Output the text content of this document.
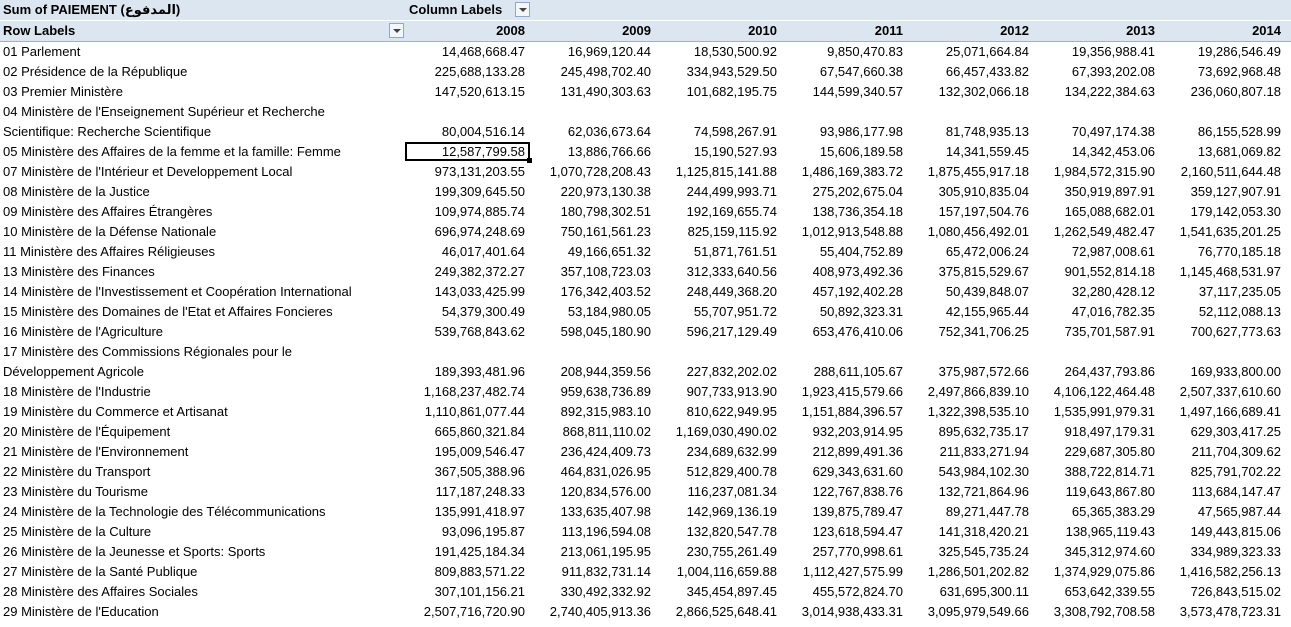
Sum of PAIEMENT (المدفوع)	Column Labels
Row Labels	2008	2009	2010	2011	2012	2013	2014
01 Parlement	14,468,668.47	16,969,120.44	18,530,500.92	9,850,470.83	25,071,664.84	19,356,988.41	19,286,546.49
02 Présidence de la République	225,688,133.28	245,498,702.40	334,943,529.50	67,547,660.38	66,457,433.82	67,393,202.08	73,692,968.48
03 Premier Ministère	147,520,613.15	131,490,303.63	101,682,195.75	144,599,340.57	132,302,066.18	134,222,384.63	236,060,807.18
04 Ministère de l'Enseignement Supérieur et Recherche
Scientifique: Recherche Scientifique	80,004,516.14	62,036,673.64	74,598,267.91	93,986,177.98	81,748,935.13	70,497,174.38	86,155,528.99
05 Ministère des Affaires de la femme et la famille: Femme	12,587,799.58	13,886,766.66	15,190,527.93	15,606,189.58	14,341,559.45	14,342,453.06	13,681,069.82
07 Ministère de l'Intérieur et Developpement Local	973,131,203.55	1,070,728,208.43	1,125,815,141.88	1,486,169,383.72	1,875,455,917.18	1,984,572,315.90	2,160,511,644.48
08 Ministère de la Justice	199,309,645.50	220,973,130.38	244,499,993.71	275,202,675.04	305,910,835.04	350,919,897.91	359,127,907.91
09 Ministère des Affaires Étrangères	109,974,885.74	180,798,302.51	192,169,655.74	138,736,354.18	157,197,504.76	165,088,682.01	179,142,053.30
10 Ministère de la Défense Nationale	696,974,248.69	750,161,561.23	825,159,115.92	1,012,913,548.88	1,080,456,492.01	1,262,549,482.47	1,541,635,201.25
11 Ministère des Affaires Réligieuses	46,017,401.64	49,166,651.32	51,871,761.51	55,404,752.89	65,472,006.24	72,987,008.61	76,770,185.18
13 Ministère des Finances	249,382,372.27	357,108,723.03	312,333,640.56	408,973,492.36	375,815,529.67	901,552,814.18	1,145,468,531.97
14 Ministère de l'Investissement et Coopération International	143,033,425.99	176,342,403.52	248,449,368.20	457,192,402.28	50,439,848.07	32,280,428.12	37,117,235.05
15 Ministère des Domaines de l'Etat et Affaires Foncieres	54,379,300.49	53,184,980.05	55,707,951.72	50,892,323.31	42,155,965.44	47,016,782.35	52,112,088.13
16 Ministère de l'Agriculture	539,768,843.62	598,045,180.90	596,217,129.49	653,476,410.06	752,341,706.25	735,701,587.91	700,627,773.63
17 Ministère des Commissions Régionales pour le
Développement Agricole	189,393,481.96	208,944,359.56	227,832,202.02	288,611,105.67	375,987,572.66	264,437,793.86	169,933,800.00
18 Ministère de l'Industrie	1,168,237,482.74	959,638,736.89	907,733,913.90	1,923,415,579.66	2,497,866,839.10	4,106,122,464.48	2,507,337,610.60
19 Ministère du Commerce et Artisanat	1,110,861,077.44	892,315,983.10	810,622,949.95	1,151,884,396.57	1,322,398,535.10	1,535,991,979.31	1,497,166,689.41
20 Ministère de l'Équipement	665,860,321.84	868,811,110.02	1,169,030,490.02	932,203,914.95	895,632,735.17	918,497,179.31	629,303,417.25
21 Ministère de l'Environnement	195,009,546.47	236,424,409.73	234,689,632.99	212,899,491.36	211,833,271.94	229,687,305.80	211,704,309.62
22 Ministère du Transport	367,505,388.96	464,831,026.95	512,829,400.78	629,343,631.60	543,984,102.30	388,722,814.71	825,791,702.22
23 Ministère du Tourisme	117,187,248.33	120,834,576.00	116,237,081.34	122,767,838.76	132,721,864.96	119,643,867.80	113,684,147.47
24 Ministère de la Technologie des Télécommunications	135,991,418.97	133,635,407.98	142,969,136.19	139,875,789.47	89,271,447.78	65,365,383.29	47,565,987.44
25 Ministère de la Culture	93,096,195.87	113,196,594.08	132,820,547.78	123,618,594.47	141,318,420.21	138,965,119.43	149,443,815.06
26 Ministère de la Jeunesse et Sports: Sports	191,425,184.34	213,061,195.95	230,755,261.49	257,770,998.61	325,545,735.24	345,312,974.60	334,989,323.33
27 Ministère de la Santé Publique	809,883,571.22	911,832,731.14	1,004,116,659.88	1,112,427,575.99	1,286,501,202.82	1,374,929,075.86	1,416,582,256.13
28 Ministère des Affaires Sociales	307,101,156.21	330,492,332.92	345,454,897.45	455,572,824.70	631,695,300.11	653,642,339.55	726,843,515.02
29 Ministère de l'Education	2,507,716,720.90	2,740,405,913.36	2,866,525,648.41	3,014,938,433.31	3,095,979,549.66	3,308,792,708.58	3,573,478,723.31
